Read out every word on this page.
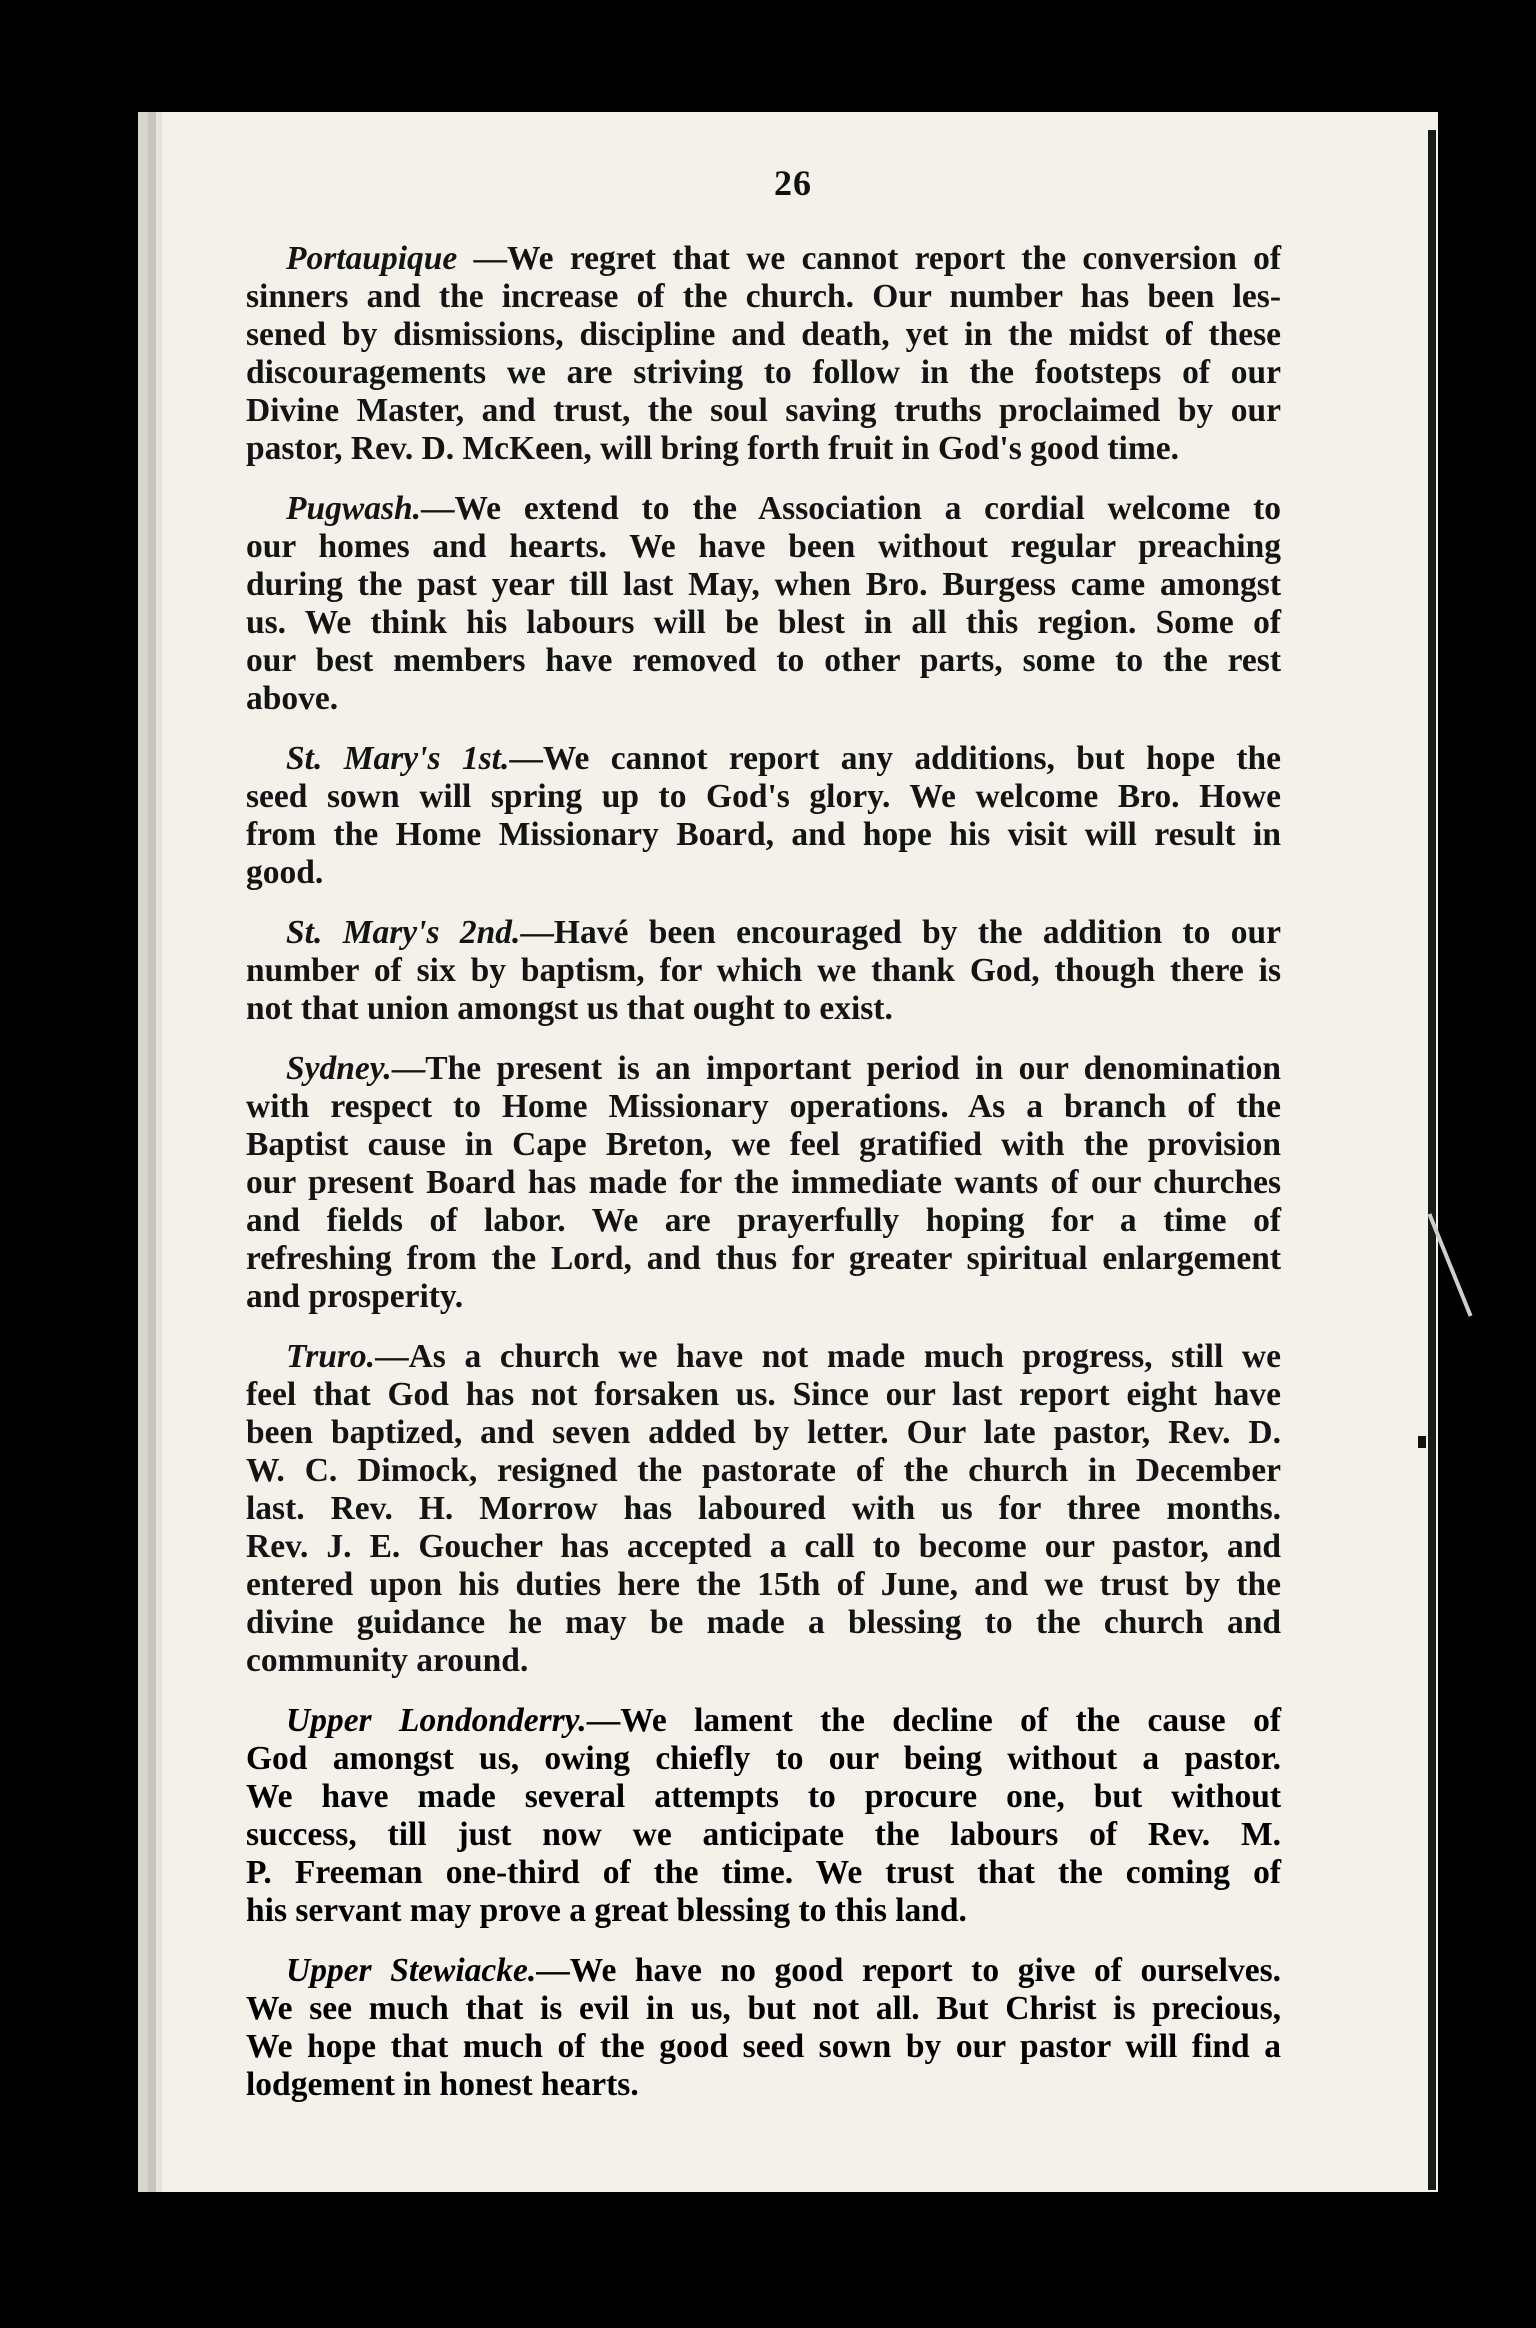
26
Portaupique —We regret that we cannot report the conversion of
sinners and the increase of the church. Our number has been les-
sened by dismissions, discipline and death, yet in the midst of these
discouragements we are striving to follow in the footsteps of our
Divine Master, and trust, the soul saving truths proclaimed by our
pastor, Rev. D. McKeen, will bring forth fruit in God's good time.
Pugwash.—We extend to the Association a cordial welcome to
our homes and hearts. We have been without regular preaching
during the past year till last May, when Bro. Burgess came amongst
us. We think his labours will be blest in all this region. Some of
our best members have removed to other parts, some to the rest
above.
St. Mary's 1st.—We cannot report any additions, but hope the
seed sown will spring up to God's glory. We welcome Bro. Howe
from the Home Missionary Board, and hope his visit will result in
good.
St. Mary's 2nd.—Havé been encouraged by the addition to our
number of six by baptism, for which we thank God, though there is
not that union amongst us that ought to exist.
Sydney.—The present is an important period in our denomination
with respect to Home Missionary operations. As a branch of the
Baptist cause in Cape Breton, we feel gratified with the provision
our present Board has made for the immediate wants of our churches
and fields of labor. We are prayerfully hoping for a time of
refreshing from the Lord, and thus for greater spiritual enlargement
and prosperity.
Truro.—As a church we have not made much progress, still we
feel that God has not forsaken us. Since our last report eight have
been baptized, and seven added by letter. Our late pastor, Rev. D.
W. C. Dimock, resigned the pastorate of the church in December
last. Rev. H. Morrow has laboured with us for three months.
Rev. J. E. Goucher has accepted a call to become our pastor, and
entered upon his duties here the 15th of June, and we trust by the
divine guidance he may be made a blessing to the church and
community around.
Upper Londonderry.—We lament the decline of the cause of
God amongst us, owing chiefly to our being without a pastor.
We have made several attempts to procure one, but without
success, till just now we anticipate the labours of Rev. M.
P. Freeman one-third of the time. We trust that the coming of
his servant may prove a great blessing to this land.
Upper Stewiacke.—We have no good report to give of ourselves.
We see much that is evil in us, but not all. But Christ is precious,
We hope that much of the good seed sown by our pastor will find a
lodgement in honest hearts.
